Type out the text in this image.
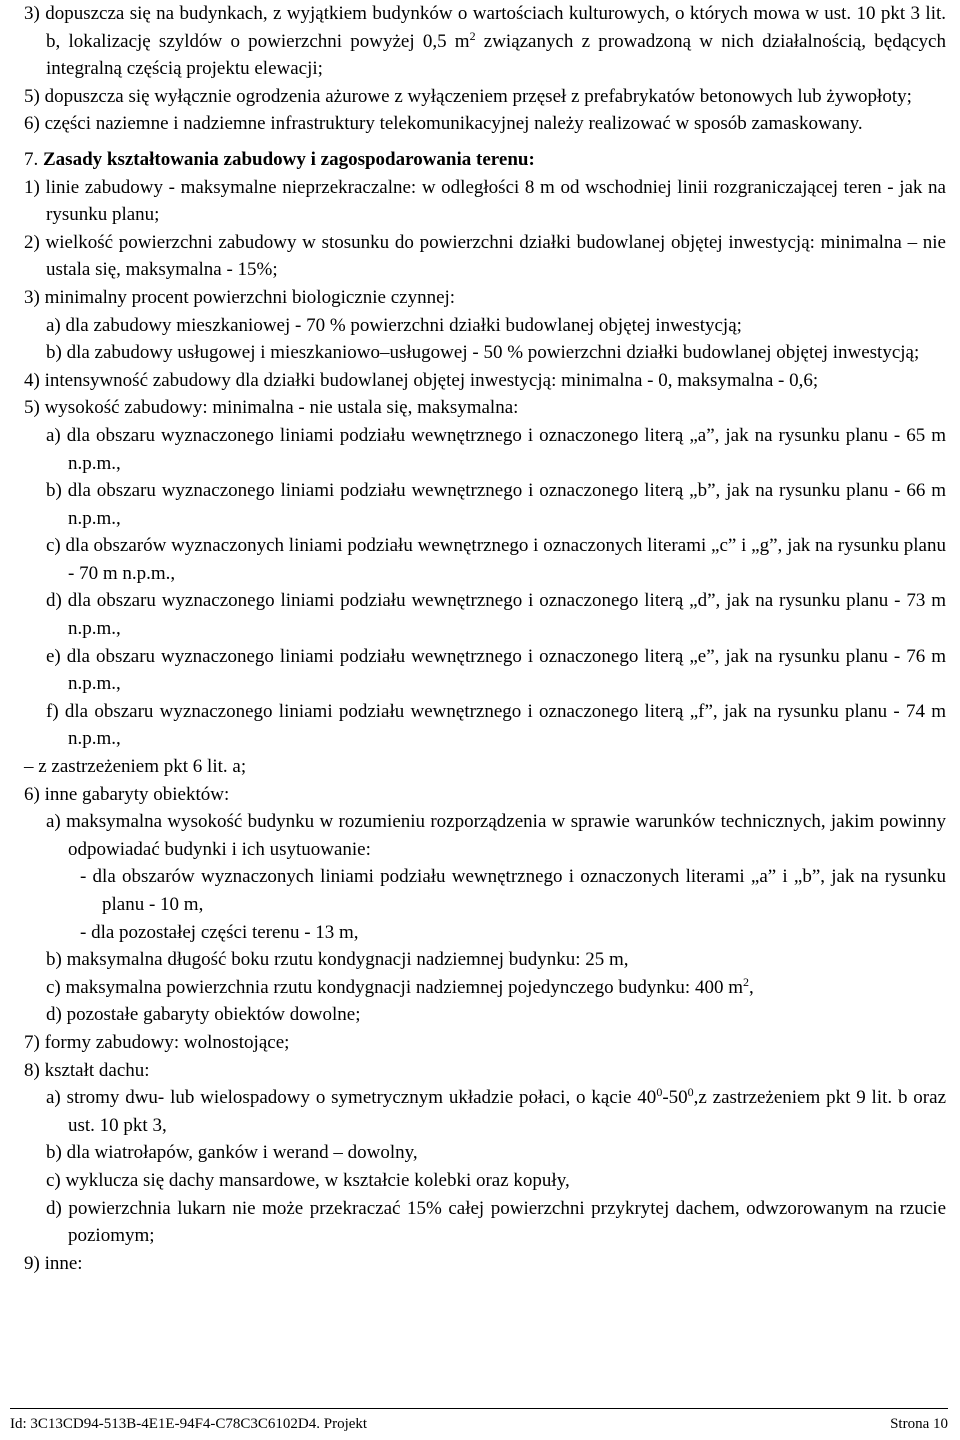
3) dopuszcza się na budynkach, z wyjątkiem budynków o wartościach kulturowych, o których mowa w ust. 10 pkt 3 lit. b, lokalizację szyldów o powierzchni powyżej 0,5 $m^2$ związanych z prowadzoną w nich działalnością, będących integralną częścią projektu elewacji;
5) dopuszcza się wyłącznie ogrodzenia ażurowe z wyłączeniem przęseł z prefabrykatów betonowych lub żywopłoty;
6) części naziemne i nadziemne infrastruktury telekomunikacyjnej należy realizować w sposób zamaskowany.
7. Zasady kształtowania zabudowy i zagospodarowania terenu:
1) linie zabudowy - maksymalne nieprzekraczalne: w odległości 8 m od wschodniej linii rozgraniczającej teren - jak na rysunku planu;
2) wielkość powierzchni zabudowy w stosunku do powierzchni działki budowlanej objętej inwestycją: minimalna – nie ustala się, maksymalna - 15%;
3) minimalny procent powierzchni biologicznie czynnej:
a) dla zabudowy mieszkaniowej - 70 % powierzchni działki budowlanej objętej inwestycją;
b) dla zabudowy usługowej i mieszkaniowo–usługowej - 50 % powierzchni działki budowlanej objętej inwestycją;
4) intensywność zabudowy dla działki budowlanej objętej inwestycją: minimalna - 0, maksymalna - 0,6;
5) wysokość zabudowy: minimalna - nie ustala się, maksymalna:
a) dla obszaru wyznaczonego liniami podziału wewnętrznego i oznaczonego literą „a”, jak na rysunku planu - 65 m n.p.m.,
b) dla obszaru wyznaczonego liniami podziału wewnętrznego i oznaczonego literą „b”, jak na rysunku planu - 66 m n.p.m.,
c) dla obszarów wyznaczonych liniami podziału wewnętrznego i oznaczonych literami „c” i „g”, jak na rysunku planu - 70 m n.p.m.,
d) dla obszaru wyznaczonego liniami podziału wewnętrznego i oznaczonego literą „d”, jak na rysunku planu - 73 m n.p.m.,
e) dla obszaru wyznaczonego liniami podziału wewnętrznego i oznaczonego literą „e”, jak na rysunku planu - 76 m n.p.m.,
f) dla obszaru wyznaczonego liniami podziału wewnętrznego i oznaczonego literą „f”, jak na rysunku planu - 74 m n.p.m.,
– z zastrzeżeniem pkt 6 lit. a;
6) inne gabaryty obiektów:
a) maksymalna wysokość budynku w rozumieniu rozporządzenia w sprawie warunków technicznych, jakim powinny odpowiadać budynki i ich usytuowanie:
- dla obszarów wyznaczonych liniami podziału wewnętrznego i oznaczonych literami „a” i „b”, jak na rysunku planu - 10 m,
- dla pozostałej części terenu - 13 m,
b) maksymalna długość boku rzutu kondygnacji nadziemnej budynku: 25 m,
c) maksymalna powierzchnia rzutu kondygnacji nadziemnej pojedynczego budynku: 400 $m^2$,
d) pozostałe gabaryty obiektów dowolne;
7) formy zabudowy: wolnostojące;
8) kształt dachu:
a) stromy dwu- lub wielospadowy o symetrycznym układzie połaci, o kącie $40^0-50^0,z$ zastrzeżeniem pkt 9 lit. b oraz ust. 10 pkt 3,
b) dla wiatrołapów, ganków i werand – dowolny,
c) wyklucza się dachy mansardowe, w kształcie kolebki oraz kopuły,
d) powierzchnia lukarn nie może przekraczać 15% całej powierzchni przykrytej dachem, odwzorowanym na rzucie poziomym;
9) inne:
Id: 3C13CD94-513B-4E1E-94F4-C78C3C6102D4. Projekt	Strona 10
